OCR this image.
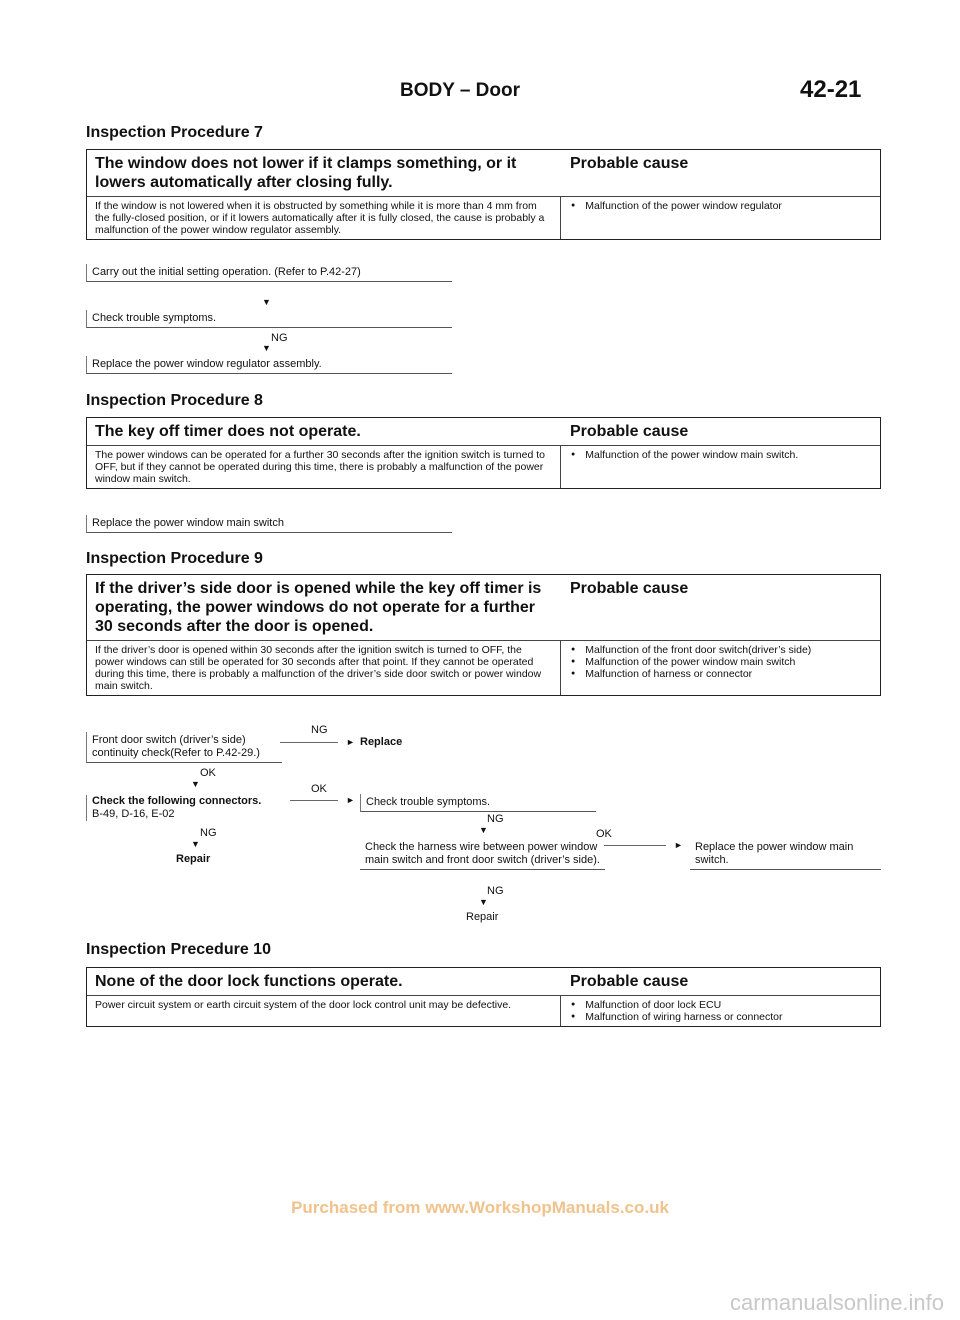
BODY – Door	42-21
Inspection Procedure 7
The window does not lower if it clamps something, or it lowers automatically after closing fully.
Probable cause
If the window is not lowered when it is obstructed by something while it is more than 4 mm from the fully-closed position, or if it lowers automatically after it is fully closed, the cause is probably a malfunction of the power window regulator assembly.
● Malfunction of the power window regulator
Carry out the initial setting operation. (Refer to P.42-27)
▼
Check trouble symptoms.
NG
▼
Replace the power window regulator assembly.
Inspection Procedure 8
The key off timer does not operate.	Probable cause
The power windows can be operated for a further 30 seconds after the ignition switch is turned to OFF, but if they cannot be operated during this time, there is probably a malfunction of the power window main switch.
● Malfunction of the power window main switch.
Replace the power window main switch
Inspection Procedure 9
If the driver’s side door is opened while the key off timer is operating, the power windows do not operate for a further 30 seconds after the door is opened.
Probable cause
If the driver’s door is opened within 30 seconds after the ignition switch is turned to OFF, the power windows can still be operated for 30 seconds after that point. If they cannot be operated during this time, there is probably a malfunction of the driver’s side door switch or power window main switch.
● Malfunction of the front door switch(driver’s side)
● Malfunction of the power window main switch
● Malfunction of harness or connector
Front door switch (driver’s side) continuity check(Refer to P.42-29.)
NG
► Replace
OK
▼
Check the following connectors.
B-49, D-16, E-02
OK
►	Check trouble symptoms.
NG
▼
Repair
NG
▼
Check the harness wire between power window main switch and front door switch (driver’s side).
OK
►	Replace the power window main switch.
NG
▼
Repair
Inspection Precedure 10
None of the door lock functions operate.	Probable cause
Power circuit system or earth circuit system of the door lock control unit may be defective.
●	Malfunction of door lock ECU
● Malfunction of wiring harness or connector
Purchased from www.WorkshopManuals.co.uk
carmanualsonline.info
